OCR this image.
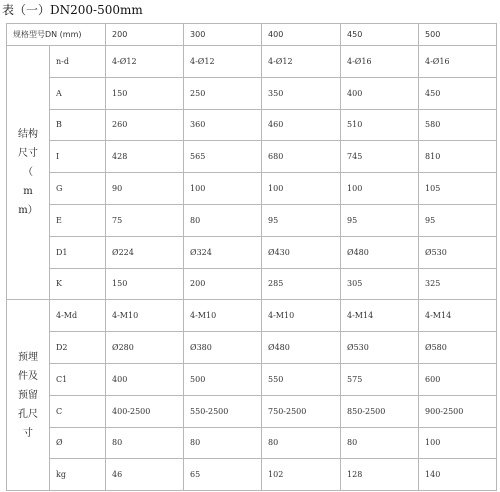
表（一）DN200-500mm
规格型号DN (mm)		200	300	400	450	500

结构
尺寸
（
m
m）	n-d	4-Ø12	4-Ø12	4-Ø12	4-Ø16	4-Ø16
	A	150	250	350	400	450
	B	260	360	460	510	580
	I	428	565	680	745	810
	G	90	100	100	100	105
	E	75	80	95	95	95
	D1	Ø224	Ø324	Ø430	Ø480	Ø530
	K	150	200	285	305	325

预埋
件及
预留
孔尺
寸	4-Md	4-M10	4-M10	4-M10	4-M14	4-M14
	D2	Ø280	Ø380	Ø480	Ø530	Ø580
	C1	400	500	550	575	600
	C	400-2500	550-2500	750-2500	850-2500	900-2500
	Ø	80	80	80	80	100
	kg	46	65	102	128	140
